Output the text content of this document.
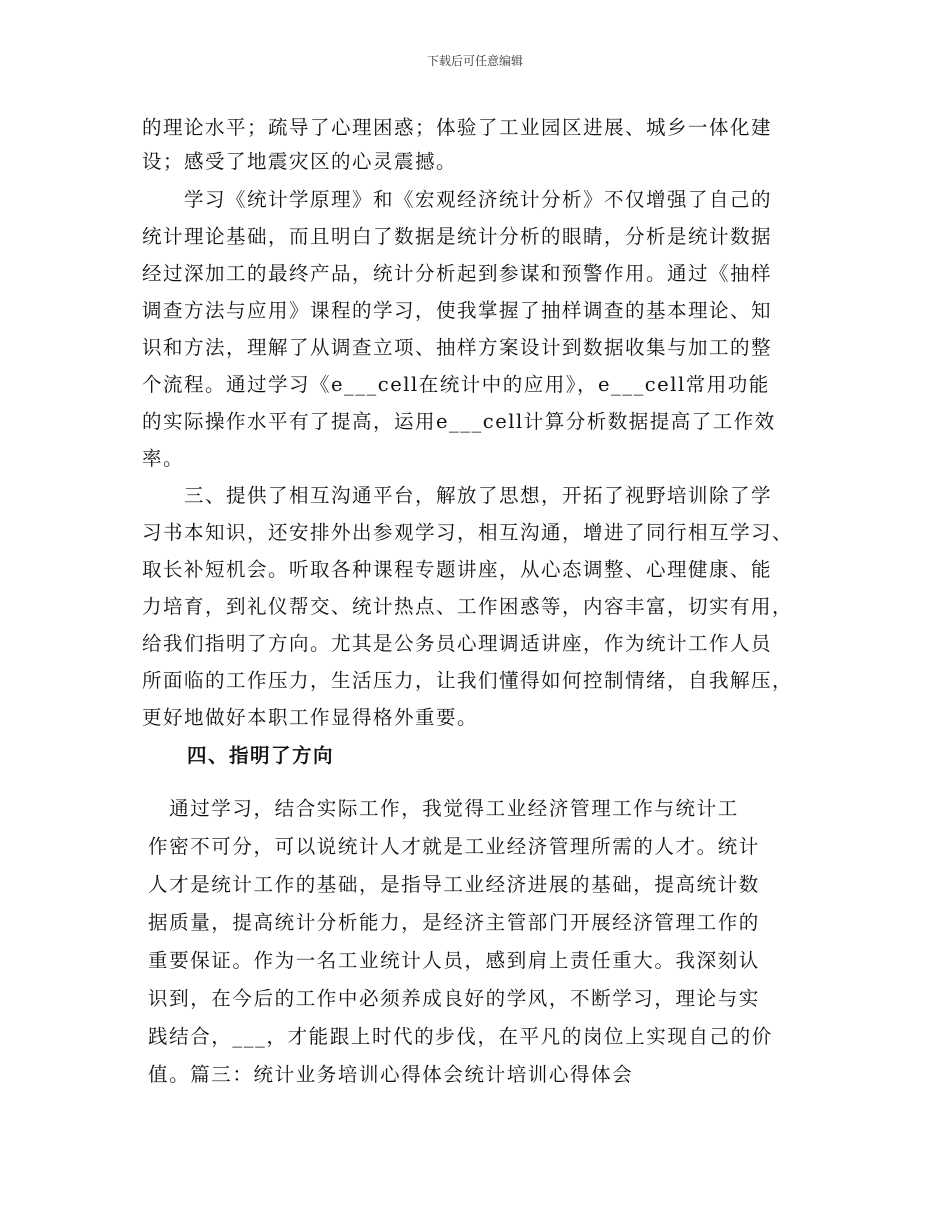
下载后可任意编辑
的理论水平；疏导了心理困惑；体验了工业园区进展、城乡一体化建
设；感受了地震灾区的心灵震撼。
　　学习《统计学原理》和《宏观经济统计分析》不仅增强了自己的
统计理论基础，而且明白了数据是统计分析的眼睛，分析是统计数据
经过深加工的最终产品，统计分析起到参谋和预警作用。通过《抽样
调查方法与应用》课程的学习，使我掌握了抽样调查的基本理论、知
识和方法，理解了从调查立项、抽样方案设计到数据收集与加工的整
个流程。通过学习《e___cell在统计中的应用》，e___cell常用功能
的实际操作水平有了提高，运用e___cell计算分析数据提高了工作效
率。
　　三、提供了相互沟通平台，解放了思想，开拓了视野培训除了学
习书本知识，还安排外出参观学习，相互沟通，增进了同行相互学习、
取长补短机会。听取各种课程专题讲座，从心态调整、心理健康、能
力培育，到礼仪帮交、统计热点、工作困惑等，内容丰富，切实有用，
给我们指明了方向。尤其是公务员心理调适讲座，作为统计工作人员
所面临的工作压力，生活压力，让我们懂得如何控制情绪，自我解压，
更好地做好本职工作显得格外重要。
四、指明了方向
　通过学习，结合实际工作，我觉得工业经济管理工作与统计工
作密不可分，可以说统计人才就是工业经济管理所需的人才。统计
人才是统计工作的基础，是指导工业经济进展的基础，提高统计数
据质量，提高统计分析能力，是经济主管部门开展经济管理工作的
重要保证。作为一名工业统计人员，感到肩上责任重大。我深刻认
识到，在今后的工作中必须养成良好的学风，不断学习，理论与实
践结合，___，才能跟上时代的步伐，在平凡的岗位上实现自己的价
值。篇三：统计业务培训心得体会统计培训心得体会
